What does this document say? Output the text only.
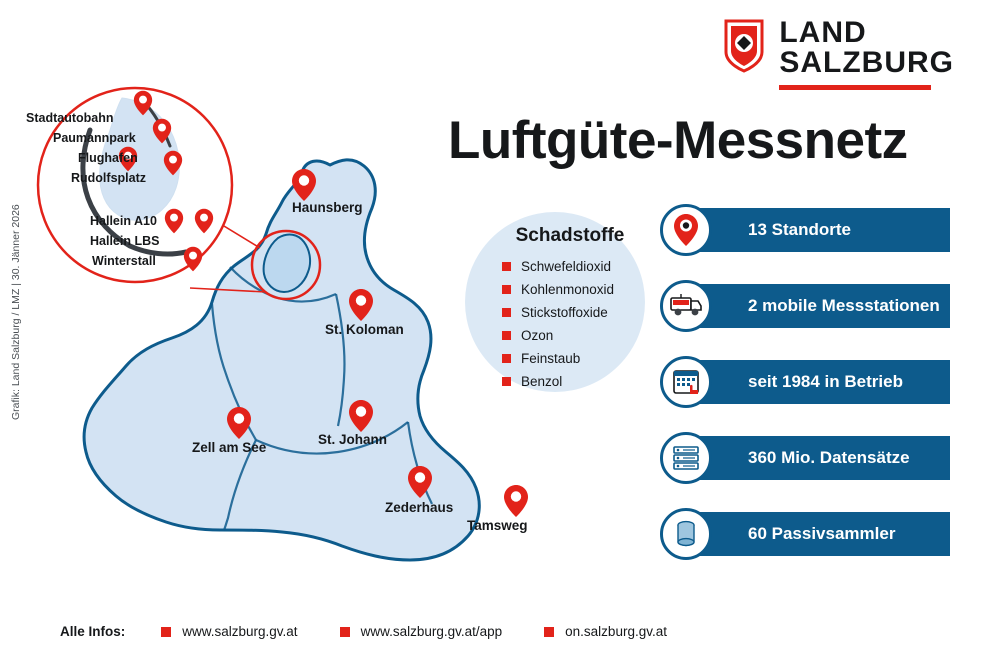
LAND
SALZBURG
Luftgüte-Messnetz
Grafik: Land Salzburg / LMZ | 30. Jänner 2026	Haunsberg
St. Koloman
Zell am See
St. Johann
Zederhaus
Tamsweg
Stadtautobahn
Paumannpark
Flughafen
Rudolfsplatz
Hallein A10
Hallein LBS
Winterstall
Schadstoffe
Schwefeldioxid
Kohlenmonoxid
Stickstoffoxide
Ozon
Feinstaub
Benzol
13 Standorte
2 mobile Messstationen
seit 1984 in Betrieb
360 Mio. Datensätze
60 Passivsammler
Alle Infos:	www.salzburg.gv.at	www.salzburg.gv.at/app	on.salzburg.gv.at
